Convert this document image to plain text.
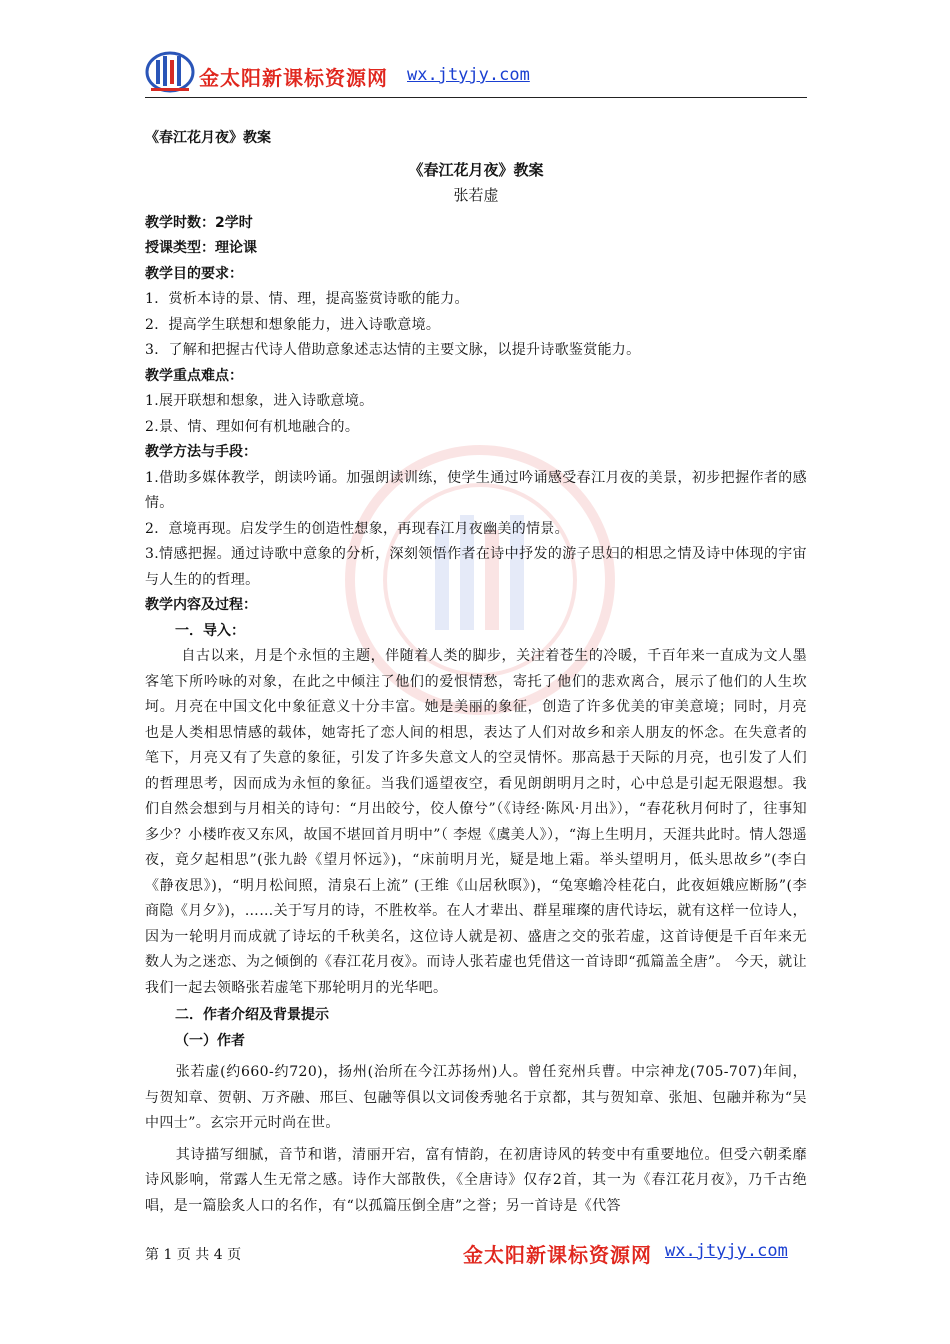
金太阳新课标资源网 wx.jtyjy.com

《春江花月夜》教案

《春江花月夜》教案

张若虚

教学时数：2学时

授课类型：理论课

教学目的要求：

1．赏析本诗的景、情、理，提高鉴赏诗歌的能力。

2．提高学生联想和想象能力，进入诗歌意境。

3．了解和把握古代诗人借助意象述志达情的主要文脉，以提升诗歌鉴赏能力。

教学重点难点：

1.展开联想和想象，进入诗歌意境。

2.景、情、理如何有机地融合的。

教学方法与手段：

1.借助多媒体教学，朗读吟诵。加强朗读训练，使学生通过吟诵感受春江月夜的美景，初步把握作者的感情。

2．意境再现。启发学生的创造性想象，再现春江月夜幽美的情景。

3.情感把握。通过诗歌中意象的分析，深刻领悟作者在诗中抒发的游子思妇的相思之情及诗中体现的宇宙与人生的的哲理。

教学内容及过程：

一．导入：

自古以来，月是个永恒的主题，伴随着人类的脚步，关注着苍生的冷暖，千百年来一直成为文人墨客笔下所吟咏的对象，在此之中倾注了他们的爱恨情愁，寄托了他们的悲欢离合，展示了他们的人生坎坷。月亮在中国文化中象征意义十分丰富。她是美丽的象征，创造了许多优美的审美意境；同时，月亮也是人类相思情感的载体，她寄托了恋人间的相思，表达了人们对故乡和亲人朋友的怀念。在失意者的笔下，月亮又有了失意的象征，引发了许多失意文人的空灵情怀。那高悬于天际的月亮，也引发了人们的哲理思考，因而成为永恒的象征。当我们遥望夜空，看见朗朗明月之时，心中总是引起无限遐想。我们自然会想到与月相关的诗句：“月出皎兮，佼人僚兮”（《诗经·陈风·月出》），“春花秋月何时了，往事知多少？小楼昨夜又东风，故国不堪回首月明中”（ 李煜《虞美人》），“海上生明月，天涯共此时。情人怨遥夜，竟夕起相思”(张九龄《望月怀远》)，“床前明月光，疑是地上霜。举头望明月，低头思故乡”(李白《静夜思》)，“明月松间照，清泉石上流” (王维《山居秋暝》)，“兔寒蟾冷桂花白，此夜姮娥应断肠”(李商隐《月夕》)，……关于写月的诗，不胜枚举。在人才辈出、群星璀璨的唐代诗坛，就有这样一位诗人，因为一轮明月而成就了诗坛的千秋美名，这位诗人就是初、盛唐之交的张若虚，这首诗便是千百年来无数人为之迷恋、为之倾倒的《春江花月夜》。而诗人张若虚也凭借这一首诗即“孤篇盖全唐”。 今天，就让我们一起去领略张若虚笔下那轮明月的光华吧。

二．作者介绍及背景提示

（一）作者

张若虚(约660-约720)，扬州(治所在今江苏扬州)人。曾任兖州兵曹。中宗神龙(705-707)年间，与贺知章、贺朝、万齐融、邢巨、包融等俱以文词俊秀驰名于京都，其与贺知章、张旭、包融并称为“吴中四士”。玄宗开元时尚在世。

其诗描写细腻，音节和谐，清丽开宕，富有情韵，在初唐诗风的转变中有重要地位。但受六朝柔靡诗风影响，常露人生无常之感。诗作大部散佚，《全唐诗》仅存2首，其一为《春江花月夜》，乃千古绝唱，是一篇脍炙人口的名作，有“以孤篇压倒全唐”之誉；另一首诗是《代答

第 1 页 共 4 页	金太阳新课标资源网 wx.jtyjy.com
